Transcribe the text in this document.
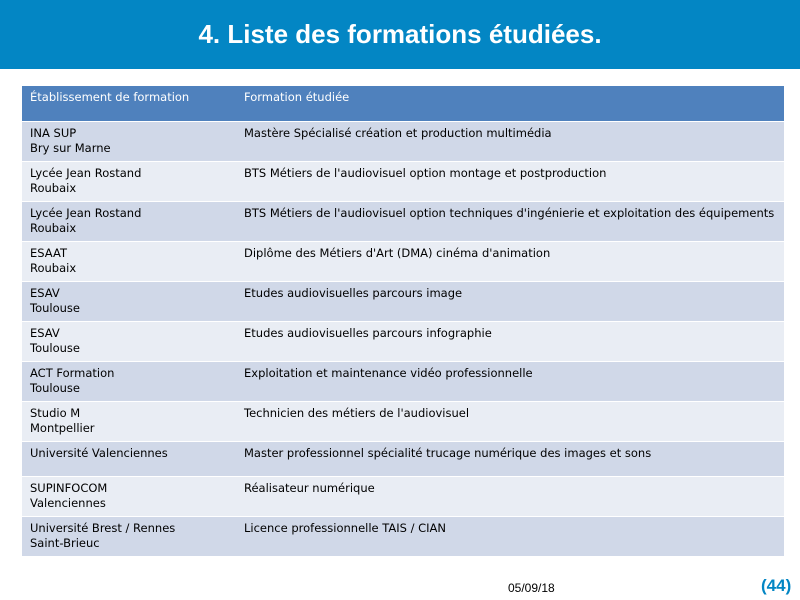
4. Liste des formations étudiées.
Établissement de formation	Formation étudiée

INA SUP
Bry sur Marne	Mastère Spécialisé création et production multimédia

Lycée Jean Rostand
Roubaix	BTS Métiers de l'audiovisuel option montage et postproduction

Lycée Jean Rostand
Roubaix	BTS Métiers de l'audiovisuel option techniques d'ingénierie et exploitation des équipements

ESAAT
Roubaix	Diplôme des Métiers d'Art (DMA) cinéma d'animation

ESAV
Toulouse	Etudes audiovisuelles parcours image

ESAV
Toulouse	Etudes audiovisuelles parcours infographie

ACT Formation
Toulouse	Exploitation et maintenance vidéo professionnelle

Studio M
Montpellier	Technicien des métiers de l'audiovisuel

Université Valenciennes	Master professionnel spécialité trucage numérique des images et sons

SUPINFOCOM
Valenciennes	Réalisateur numérique

Université Brest / Rennes
Saint-Brieuc	Licence professionnelle TAIS / CIAN
05/09/18	(44)
